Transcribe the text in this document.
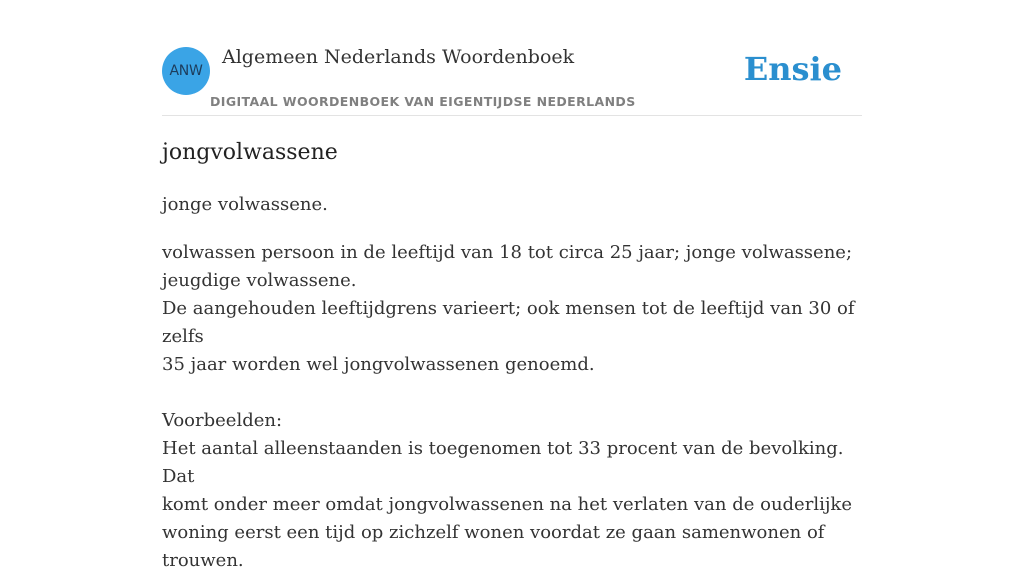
ANW
Algemeen Nederlands Woordenboek
DIGITAAL WOORDENBOEK VAN EIGENTIJDSE NEDERLANDS
Ensie
jongvolwassene
jonge volwassene.

volwassen persoon in de leeftijd van 18 tot circa 25 jaar; jonge volwassene;

jeugdige volwassene.

De aangehouden leeftijdgrens varieert; ook mensen tot de leeftijd van 30 of zelfs

35 jaar worden wel jongvolwassenen genoemd.

Voorbeelden:

Het aantal alleenstaanden is toegenomen tot 33 procent van de bevolking. Dat

komt onder meer omdat jongvolwassenen na het verlaten van de ouderlijke

woning eerst een tijd op zichzelf wonen voordat ze gaan samenwonen of

trouwen.
